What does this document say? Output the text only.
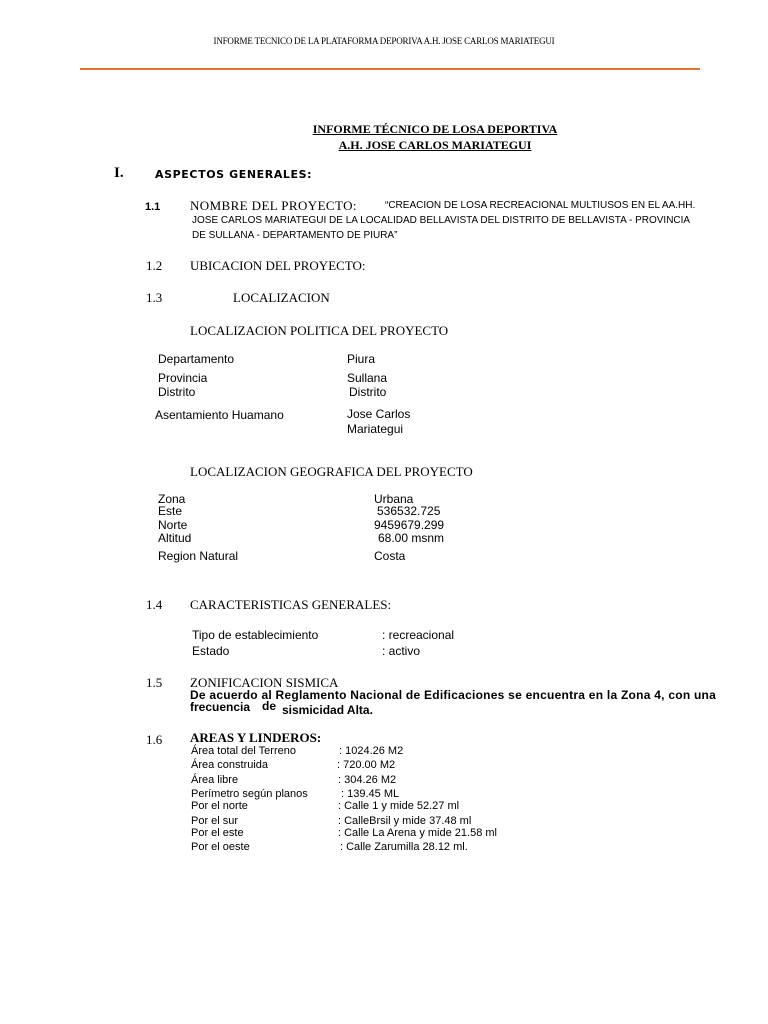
INFORME TECNICO DE LA PLATAFORMA DEPORIVA A.H. JOSE CARLOS MARIATEGUI
INFORME TÉCNICO DE LOSA DEPORTIVA
A.H. JOSE CARLOS MARIATEGUI
I.	ASPECTOS GENERALES:
1.1 NOMBRE DEL PROYECTO:	“CREACION DE LOSA RECREACIONAL MULTIUSOS EN EL AA.HH.
JOSE CARLOS MARIATEGUI DE LA LOCALIDAD BELLAVISTA DEL DISTRITO DE BELLAVISTA - PROVINCIA
DE SULLANA - DEPARTAMENTO DE PIURA”
1.2 UBICACION DEL PROYECTO:
1.3	LOCALIZACION
LOCALIZACION POLITICA DEL PROYECTO
Departamento	Piura
Provincia	Sullana
Distrito	Distrito
Asentamiento Huamano	Jose Carlos
Mariategui
LOCALIZACION GEOGRAFICA DEL PROYECTO
Zona	Urbana
Este	536532.725
Norte	9459679.299
Altitud	68.00 msnm
Region Natural	Costa
1.4 CARACTERISTICAS GENERALES:
Tipo de establecimiento	: recreacional
Estado	: activo
1.5 ZONIFICACION SISMICA
De acuerdo al Reglamento Nacional de Edificaciones se encuentra en la Zona 4, con una
frecuencia de sismicidad Alta.
1.6 AREAS Y LINDEROS:
Área total del Terreno	: 1024.26 M2
Área construida	: 720.00 M2
Área libre	: 304.26 M2
Perímetro según planos	: 139.45 ML
Por el norte	: Calle 1 y mide 52.27 ml
Por el sur	: CalleBrsil y mide 37.48 ml
Por el este	: Calle La Arena y mide 21.58 ml
Por el oeste	: Calle Zarumilla 28.12 ml.
